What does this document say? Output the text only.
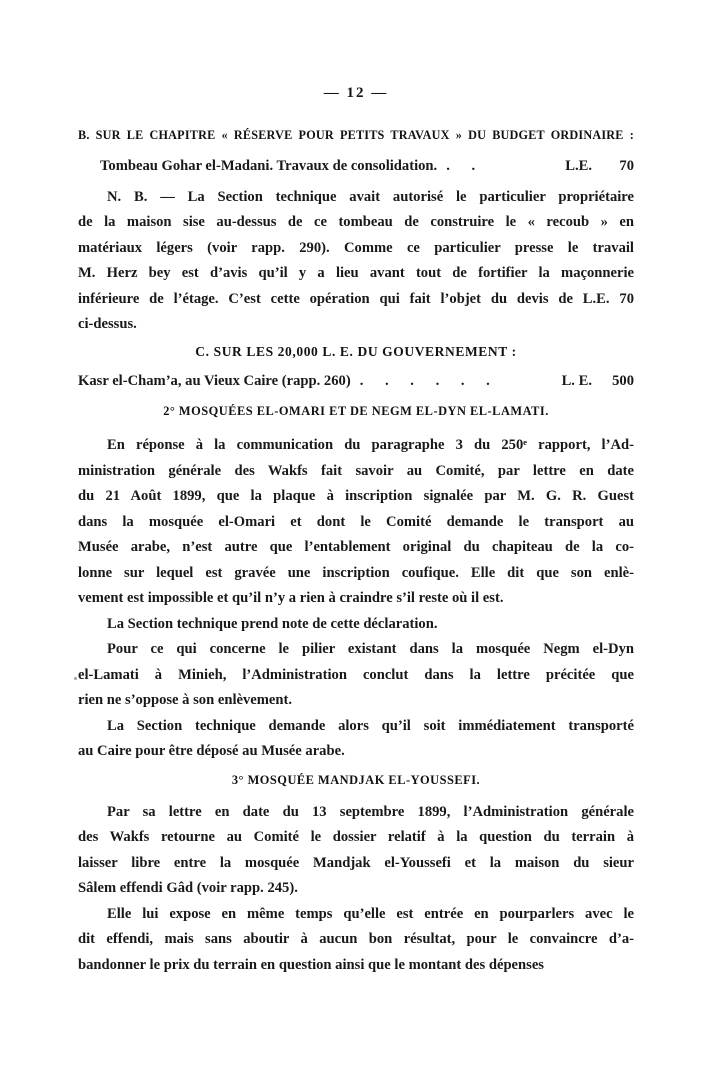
— 12 —
B. SUR LE CHAPITRE « RÉSERVE POUR PETITS TRAVAUX » DU BUDGET ORDINAIRE :
Tombeau Gohar el-Madani. Travaux de consolidation. . .	L.E.	70
N. B. — La Section technique avait autorisé le particulier propriétaire
de la maison sise au-dessus de ce tombeau de construire le « recoub » en
matériaux légers (voir rapp. 290). Comme ce particulier presse le travail
M. Herz bey est d’avis qu’il y a lieu avant tout de fortifier la maçonnerie
inférieure de l’étage. C’est cette opération qui fait l’objet du devis de L.E. 70
ci-dessus.
C. SUR LES 20,000 L. E. DU GOUVERNEMENT :
Kasr el-Cham’a, au Vieux Caire (rapp. 260) . . . . . .	L. E.	500
2° MOSQUÉES EL-OMARI ET DE NEGM EL-DYN EL-LAMATI.
En réponse à la communication du paragraphe 3 du 250ᵉ rapport, l’Ad-
ministration générale des Wakfs fait savoir au Comité, par lettre en date
du 21 Août 1899, que la plaque à inscription signalée par M. G. R. Guest
dans la mosquée el-Omari et dont le Comité demande le transport au
Musée arabe, n’est autre que l’entablement original du chapiteau de la co-
lonne sur lequel est gravée une inscription coufique. Elle dit que son enlè-
vement est impossible et qu’il n’y a rien à craindre s’il reste où il est.
La Section technique prend note de cette déclaration.
Pour ce qui concerne le pilier existant dans la mosquée Negm el-Dyn
el-Lamati à Minieh, l’Administration conclut dans la lettre précitée que
rien ne s’oppose à son enlèvement.
La Section technique demande alors qu’il soit immédiatement transporté
au Caire pour être déposé au Musée arabe.
3° MOSQUÉE MANDJAK EL-YOUSSEFI.
Par sa lettre en date du 13 septembre 1899, l’Administration générale
des Wakfs retourne au Comité le dossier relatif à la question du terrain à
laisser libre entre la mosquée Mandjak el-Youssefi et la maison du sieur
Sâlem effendi Gâd (voir rapp. 245).
Elle lui expose en même temps qu’elle est entrée en pourparlers avec le
dit effendi, mais sans aboutir à aucun bon résultat, pour le convaincre d’a-
bandonner le prix du terrain en question ainsi que le montant des dépenses
